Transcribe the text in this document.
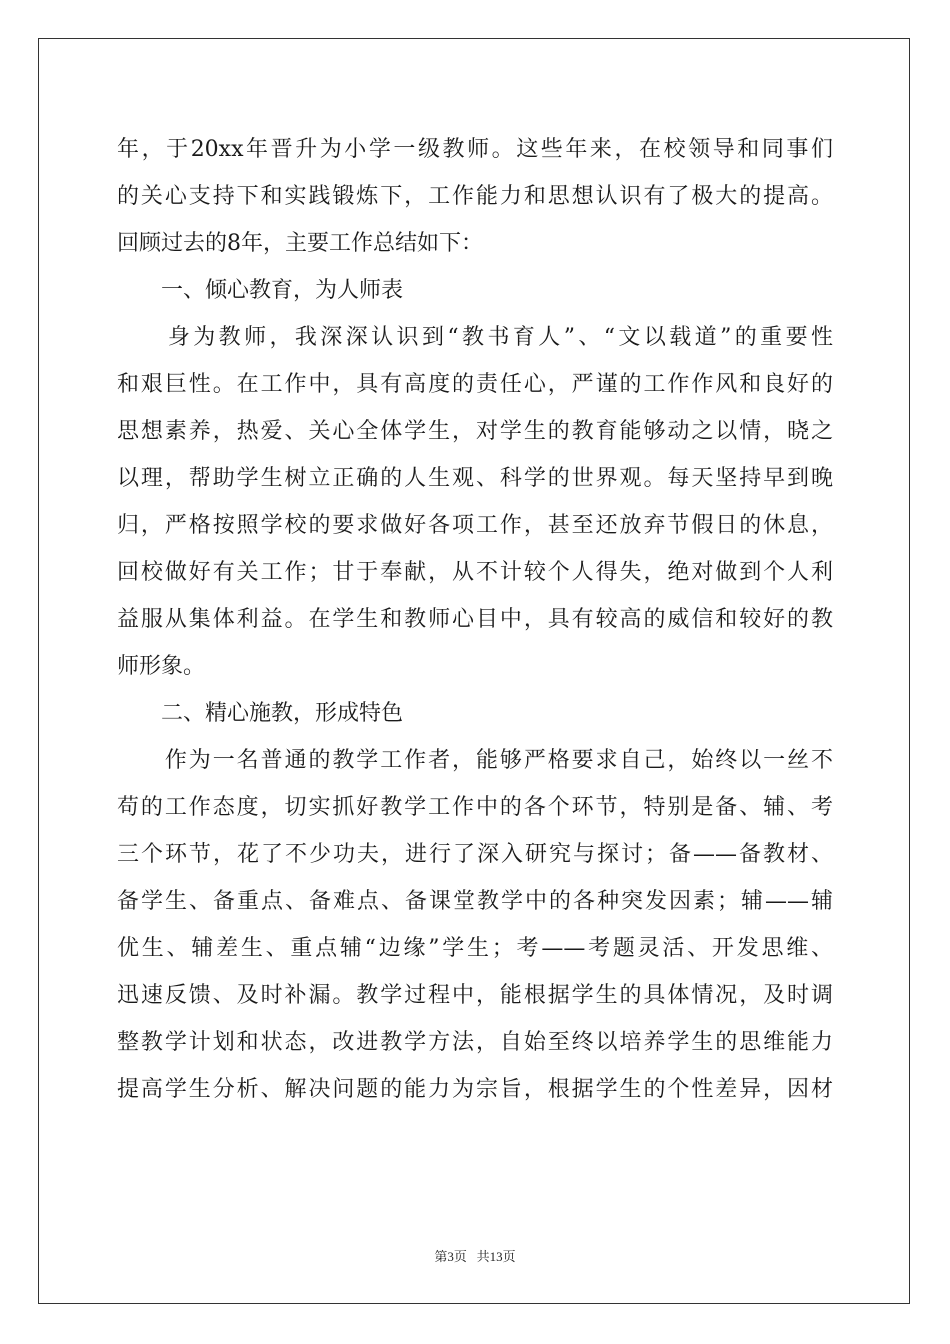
年，于20xx年晋升为小学一级教师。这些年来，在校领导和同事们
的关心支持下和实践锻炼下，工作能力和思想认识有了极大的提高。
回顾过去的8年，主要工作总结如下：
　　一、倾心教育，为人师表
　　身为教师，我深深认识到“教书育人”、“文以载道”的重要性
和艰巨性。在工作中，具有高度的责任心，严谨的工作作风和良好的
思想素养，热爱、关心全体学生，对学生的教育能够动之以情，晓之
以理，帮助学生树立正确的人生观、科学的世界观。每天坚持早到晚
归，严格按照学校的要求做好各项工作，甚至还放弃节假日的休息，
回校做好有关工作；甘于奉献，从不计较个人得失，绝对做到个人利
益服从集体利益。在学生和教师心目中，具有较高的威信和较好的教
师形象。
　　二、精心施教，形成特色
　　作为一名普通的教学工作者，能够严格要求自己，始终以一丝不
苟的工作态度，切实抓好教学工作中的各个环节，特别是备、辅、考
三个环节，花了不少功夫，进行了深入研究与探讨；备——备教材、
备学生、备重点、备难点、备课堂教学中的各种突发因素；辅——辅
优生、辅差生、重点辅“边缘”学生；考——考题灵活、开发思维、
迅速反馈、及时补漏。教学过程中，能根据学生的具体情况，及时调
整教学计划和状态，改进教学方法，自始至终以培养学生的思维能力
提高学生分析、解决问题的能力为宗旨，根据学生的个性差异，因材
第3页   共13页
